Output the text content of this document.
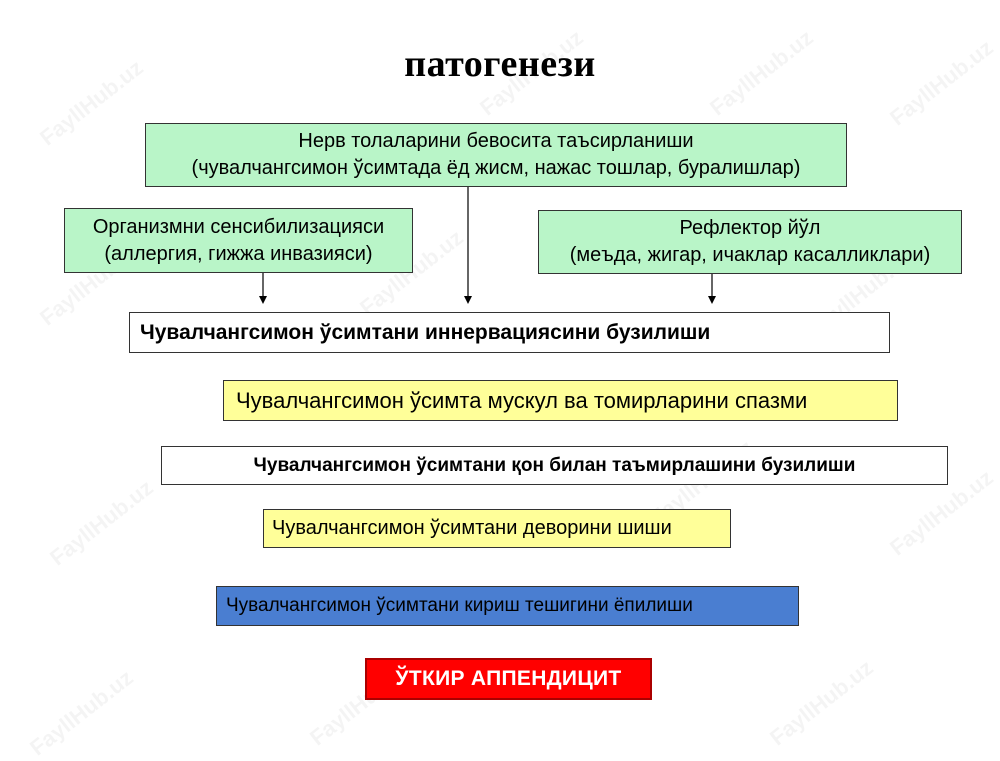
патогенези
Нерв толаларини бевосита таъсирланиши
(чувалчангсимон ўсимтада ёд жисм, нажас тошлар, буралишлар)
Организмни сенсибилизацияси
(аллергия, гижжа инвазияси)
Рефлектор йўл
(меъда, жигар, ичаклар касалликлари)
Чувалчангсимон ўсимтани иннервациясини бузилиши
Чувалчангсимон ўсимта мускул ва томирларини спазми
Чувалчангсимон ўсимтани қон билан таъмирлашини бузилиши
Чувалчангсимон ўсимтани деворини шиши
Чувалчангсимон ўсимтани кириш тешигини ёпилиши
ЎТКИР АППЕНДИЦИТ
